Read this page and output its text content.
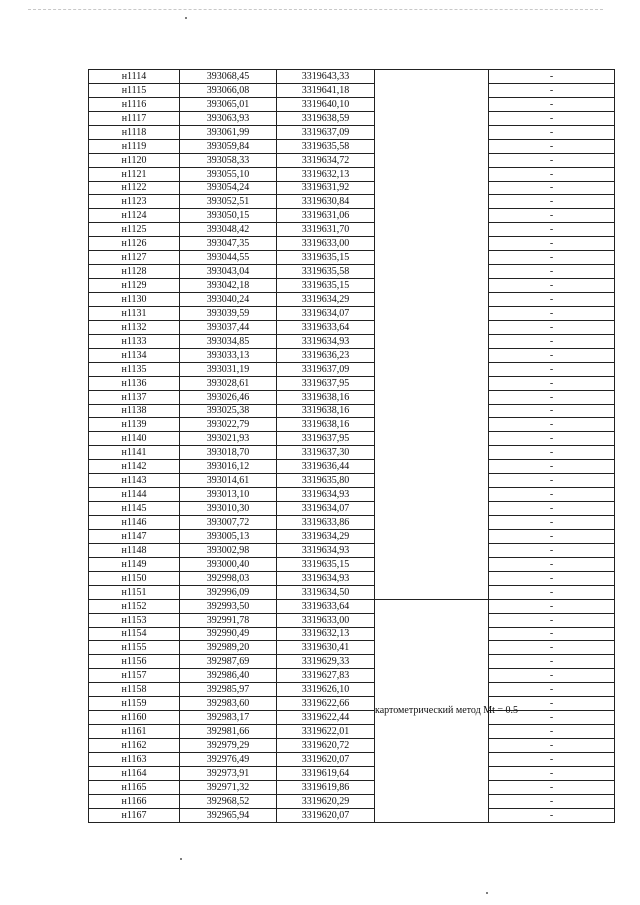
н1114	393068,45	3319643,33		-
н1115	393066,08	3319641,18		-
н1116	393065,01	3319640,10		-
н1117	393063,93	3319638,59		-
н1118	393061,99	3319637,09		-
н1119	393059,84	3319635,58		-
н1120	393058,33	3319634,72		-
н1121	393055,10	3319632,13		-
н1122	393054,24	3319631,92		-
н1123	393052,51	3319630,84		-
н1124	393050,15	3319631,06		-
н1125	393048,42	3319631,70		-
н1126	393047,35	3319633,00		-
н1127	393044,55	3319635,15		-
н1128	393043,04	3319635,58		-
н1129	393042,18	3319635,15		-
н1130	393040,24	3319634,29		-
н1131	393039,59	3319634,07		-
н1132	393037,44	3319633,64		-
н1133	393034,85	3319634,93		-
н1134	393033,13	3319636,23		-
н1135	393031,19	3319637,09		-
н1136	393028,61	3319637,95		-
н1137	393026,46	3319638,16		-
н1138	393025,38	3319638,16		-
н1139	393022,79	3319638,16		-
н1140	393021,93	3319637,95		-
н1141	393018,70	3319637,30		-
н1142	393016,12	3319636,44		-
н1143	393014,61	3319635,80		-
н1144	393013,10	3319634,93		-
н1145	393010,30	3319634,07		-
н1146	393007,72	3319633,86		-
н1147	393005,13	3319634,29		-
н1148	393002,98	3319634,93		-
н1149	393000,40	3319635,15		-
н1150	392998,03	3319634,93		-
н1151	392996,09	3319634,50		-
н1152	392993,50	3319633,64	картометрический метод Mt = 0.5	-
н1153	392991,78	3319633,00		-
н1154	392990,49	3319632,13		-
н1155	392989,20	3319630,41		-
н1156	392987,69	3319629,33		-
н1157	392986,40	3319627,83		-
н1158	392985,97	3319626,10		-
н1159	392983,60	3319622,66		-
н1160	392983,17	3319622,44		-
н1161	392981,66	3319622,01		-
н1162	392979,29	3319620,72		-
н1163	392976,49	3319620,07		-
н1164	392973,91	3319619,64		-
н1165	392971,32	3319619,86		-
н1166	392968,52	3319620,29		-
н1167	392965,94	3319620,07		-
